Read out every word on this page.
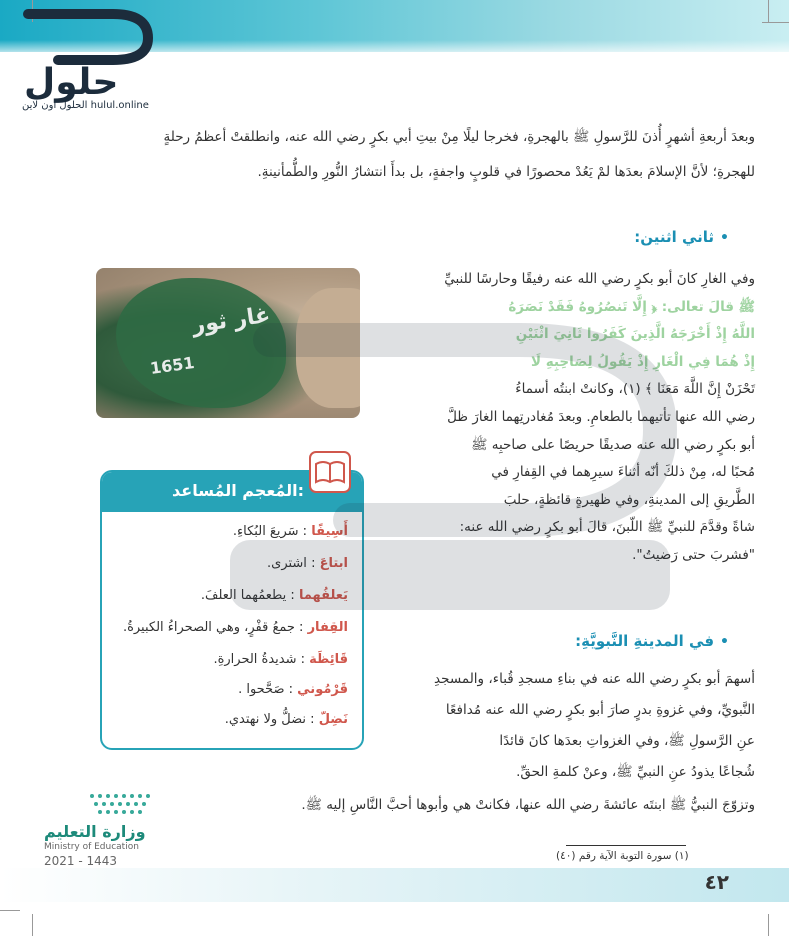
حلول
الحلول اون لاين hulul.online
وبعدَ أربعةِ أشهرٍ أُذنَ للرَّسولِ ﷺ بالهجرةِ، فخرجا ليلًا مِنْ بيتِ أبي بكرٍ رضي الله عنه، وانطلقتْ أعظمُ رحلةٍ
للهجرةِ؛ لأنَّ الإسلامَ بعدَها لمْ يَعُدْ محصورًا في قلوبٍ واجفةٍ، بل بدأَ انتشارُ النُّورِ والطُّمأنينةِ.
•ثاني اثنين:
وفي الغارِ كانَ أبو بكرٍ رضي الله عنه رفيقًا وحارسًا للنبيِّ
ﷺ قالَ تعالى: ﴿ إِلَّا تَنصُرُوهُ فَقَدْ نَصَرَهُ
اللَّهُ إِذْ أَخْرَجَهُ الَّذِينَ كَفَرُوا ثَانِيَ اثْنَيْنِ
إِذْ هُمَا فِي الْغَارِ إِذْ يَقُولُ لِصَاحِبِهِ لَا
تَحْزَنْ إِنَّ اللَّهَ مَعَنَا ﴾ (١)، وكانتْ ابنتُه أسماءُ
رضي الله عنها تأتيهما بالطعامِ. وبعدَ مُغادرتِهما الغارَ ظلَّ
أبو بكرٍ رضي الله عنه صديقًا حريصًا على صاحبِه ﷺ
مُحبًا له، مِنْ ذلكَ أنّه أثناءَ سيرِهما في القِفارِ في
الطَّريقِ إلى المدينةِ، وفي ظهيرةٍ قائظةٍ، حلبَ
شاةً وقدَّمَ للنبيِّ ﷺ اللّبنَ، قالَ أبو بكرٍ رضي الله عنه:
"فشربَ حتى رَضيتُ".
غار ثور
1651
المُعجم المُساعد:
أَسِيفًا : سَريعَ البُكاءِ.
ابتاعَ : اشترى.
يَعلفُهما : يطعمُهما العلفَ.
القِفار : جمعُ قفْرٍ، وهي الصحراءُ الكبيرةُ.
قَائِظَة : شديدةُ الحرارةِ.
قَرْمُوني : صَحَّحوا .
نَضِلّ : نضلُّ ولا نهتدي.
•في المدينةِ النَّبويَّةِ:
أسهمَ أبو بكرٍ رضي الله عنه في بناءِ مسجدِ قُباء، والمسجدِ
النَّبويِّ، وفي غزوةِ بدرٍ صارَ أبو بكرٍ رضي الله عنه مُدافعًا
عنِ الرَّسولِ ﷺ، وفي الغزواتِ بعدَها كانَ قائدًا
شُجاعًا يذودُ عنِ النبيِّ ﷺ، وعنْ كلمةِ الحقِّ.
وتزوّجَ النبيُّ ﷺ ابنتَه عائشةَ رضي الله عنها، فكانتْ هي وأبوها أحبَّ النَّاسِ إليه ﷺ.
وزارة التعليم
Ministry of Education
2021 - 1443	(١) سورة التوبة الآية رقم (٤٠)
٤٢
